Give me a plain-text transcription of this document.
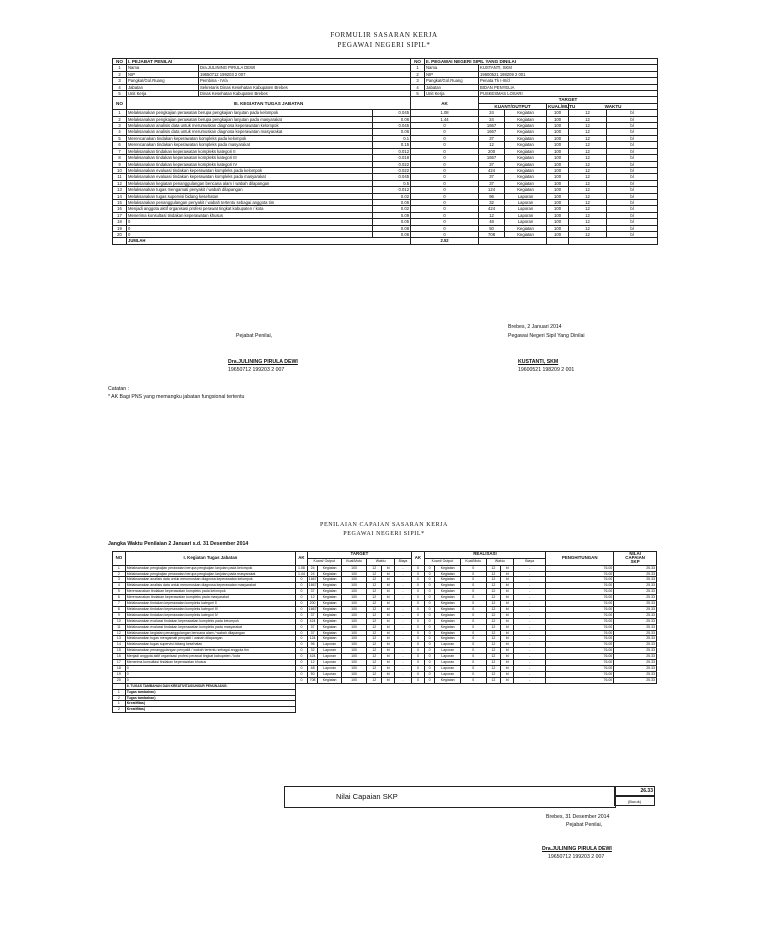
FORMULIR SASARAN KERJA
PEGAWAI NEGERI SIPIL*
NO	I. PEJABAT PENILAI			NO	II. PEGAWAI NEGERI SIPIL YANG DINILAI						
1	Nama	Dra.JULINING PIRULA DEWI		1	Nama	KUSTANTI, SKM					
2	NIP	19650712 199203 2 007		2	NIP	19600521 198209 2 001					
3	Pangkat/Gol.Ruang	Pembina - IV/a		3	Pangkat/Gol.Ruang	Penata Tk I-III/d					
4	Jabatan	Sekretaris Dinas Kesehatan Kabupaten Brebes		4	Jabatan	BIDAN PENYELIA					
5	Unit Kerja	Dinas Kesehatan Kabupaten Brebes		5	Unit Kerja	PUSKESMAS LOSARI					
NO	III. KEGIATAN TUGAS JABATAN			AK		TARGET					
						KUANT/OUTPUT		KUAL/MUTU	WAKTU	
1	Melaksanakan pengkajian perawatan berupa pengkajian lanjutan pada kelompok		0.045	1.08		24	Kegiatan	100	12	bl	
2	Melaksanakan pengkajian perawatan berupa pengkajian lanjutan pada masyarakat		0.06	1.44		24	Kegiatan	100	12	bl	
3	Melaksanakan analisis data untuk merumuskan diagnosa keperawatan kelompok		0.045	0		1667	Kegiatan	100	12	bl	
4	Melaksanakan analisis data untuk merumuskan diagnosa keperawatan masyarakat		0.06	0		1667	Kegiatan	100	12	bl	
5	Merencanakan tindakan keperawatan kompleks pada kelompok		0.1	0		37	Kegiatan	100	12	bl	
6	Merencanakan tindakan keperawatan kompleks pada masyarakat		0.15	0		12	Kegiatan	100	12	bl	
7	Melaksanakan tindakan keperawatan kompleks kategori II		0.012	0		200	Kegiatan	100	12	bl	
8	Melaksanakan tindakan keperawatan kompleks kategori III		0.018	0		1667	Kegiatan	100	12	bl	
9	Melaksanakan tindakan keperawatan kompleks kategori IV		0.022	0		37	Kegiatan	100	12	bl	
10	Melaksanakan evaluasi tindakan keperawatan kompleks pada kelompok		0.022	0		424	Kegiatan	100	12	bl	
11	Melaksanakan evaluasi tindakan keperawatan kompleks pada masyarakat		0.045	0		37	Kegiatan	100	12	bl	
12	Melaksanakan kegiatan penanggulangan bencana alam / wabah dilapangan		0.5	0		37	Kegiatan	100	12	bl	
13	Melaksanakan tugas mengamati penyakit / wabah dilapangan		0.012	0		124	Kegiatan	100	12	bl	
14	Melaksanakan tugas supervisi bidang kesehatan		0.02	0		96	Laporan	100	12	bl	
15	Melaksanakan penanggulangan penyakit / wabah tertentu sebagai anggota tim		0.06	0		32	Laporan	100	12	bl	
16	Menjadi anggota aktif organisasi profesi perawat tingkat kabupaten / kota		0.02	0		424	Laporan	100	12	bl	
17	Menerima konsultasi tindakan keperawatan khusus		0.09	0		12	Laporan	100	12	bl	
18	0		0.05	0		48	Laporan	100	12	bl	
19	0		0.08	0		50	Kegiatan	100	12	bl	
20	0		0.06	0		708	Kegiatan	100	12	bl	
	JUMLAH			2.52							
Brebes, 2 Januari 2014
Pegawai Negeri Sipil Yang Dinilai
Pejabat Penilai,
Dra.JULINING PIRULA DEWI
19650712 199203 2 007
KUSTANTI, SKM
19600521 198209 2 001
Catatan :
* AK Bagi PNS yang memangku jabatan fungsional tertentu
PENILAIAN CAPAIAN SASARAN KERJA
PEGAWAI NEGERI SIPIL*
Jangka Waktu Penilaian 2 Januari s.d. 31 Desember 2014
NO	I. Kegiatan Tugas Jabatan	AK	TARGET						AK	REALISASI						PENGHITUNGAN	NILAI
CAPAIAN
SKP
			Kuant/ Output		Kual/Mutu	Waktu		Biaya		Kuant/ Output		Kual/Mutu	Waktu		Biaya		
1	Melaksanakan pengkajian perawatan berupa pengkajian lanjutan pada kelompok	1.08	24	Kegiatan	100	12	bl	-	0	0	Kegiatan	0	12	bl	-	76.00	25.33
2	Melaksanakan pengkajian perawatan berupa pengkajian lanjutan pada masyarakat	1.44	24	Kegiatan	100	12	bl	-	0	0	Kegiatan	0	12	bl	-	76.00	25.33
3	Melaksanakan analisis data untuk merumuskan diagnosa keperawatan kelompok	0	1667	Kegiatan	100	12	bl	-	0	0	Kegiatan	0	12	bl	-	76.00	25.33
4	Melaksanakan analisis data untuk merumuskan diagnosa keperawatan masyarakat	0	1667	Kegiatan	100	12	bl	-	0	0	Kegiatan	0	12	bl	-	76.00	25.33
5	Merencanakan tindakan keperawatan kompleks pada kelompok	0	37	Kegiatan	100	12	bl	-	0	0	Kegiatan	0	12	bl	-	76.00	25.33
6	Merencanakan tindakan keperawatan kompleks pada masyarakat	0	12	Kegiatan	100	12	bl	-	0	0	Kegiatan	0	12	bl	-	76.00	25.33
7	Melaksanakan tindakan keperawatan kompleks kategori II	0	200	Kegiatan	100	12	bl	-	0	0	Kegiatan	0	12	bl	-	76.00	25.33
8	Melaksanakan tindakan keperawatan kompleks kategori III	0	1667	Kegiatan	100	12	bl	-	0	0	Kegiatan	0	12	bl	-	76.00	25.33
9	Melaksanakan tindakan keperawatan kompleks kategori IV	0	37	Kegiatan	100	12	bl	-	0	0	Kegiatan	0	12	bl	-	76.00	25.33
10	Melaksanakan evaluasi tindakan keperawatan kompleks pada kelompok	0	424	Kegiatan	100	12	bl	-	0	0	Kegiatan	0	12	bl	-	76.00	25.33
11	Melaksanakan evaluasi tindakan keperawatan kompleks pada masyarakat	0	37	Kegiatan	100	12	bl	-	0	0	Kegiatan	0	12	bl	-	76.00	25.33
12	Melaksanakan kegiatan penanggulangan bencana alam / wabah dilapangan	0	37	Kegiatan	100	12	bl	-	0	0	Kegiatan	0	12	bl	-	76.00	25.33
13	Melaksanakan tugas mengamati penyakit / wabah dilapangan	0	124	Kegiatan	100	12	bl	-	0	0	Kegiatan	0	12	bl	-	76.00	25.33
14	Melaksanakan tugas supervisi bidang kesehatan	0	96	Laporan	100	12	bl	-	0	0	Laporan	0	12	bl	-	76.00	25.33
15	Melaksanakan penanggulangan penyakit / wabah tertentu sebagai anggota tim	0	32	Laporan	100	12	bl	-	0	0	Laporan	0	12	bl	-	76.00	25.33
16	Menjadi anggota aktif organisasi profesi perawat tingkat kabupaten / kota	0	424	Laporan	100	12	bl	-	0	0	Laporan	0	12	bl	-	76.00	25.33
17	Menerima konsultasi tindakan keperawatan khusus	0	12	Laporan	100	12	bl	-	0	0	Laporan	0	12	bl	-	76.00	25.33
18	0	0	48	Laporan	100	12	bl	-	0	0	Laporan	0	12	bl	-	76.00	25.33
19	0	0	50	Laporan	100	12	bl	-	0	0	Laporan	0	12	bl	-	76.00	25.33
20	0	0	708	Kegiatan	100	12	bl	-	0	0	Kegiatan	0	12	bl	-	76.00	25.33
	II. TUGAS TAMBAHAN DAN KREATIVITAS/UNSUR PENUNJANG:																
1	Tugas tambahan)																
2	Tugas tambahan)																
1	Kreatifitas)																
2	Kreatifitas)																
Nilai Capaian SKP
26.33
(Buruk)
Brebes, 31 Desember 2014
Pejabat Penilai,
Dra.JULINING PIRULA DEWI
19650712 199203 2 007
